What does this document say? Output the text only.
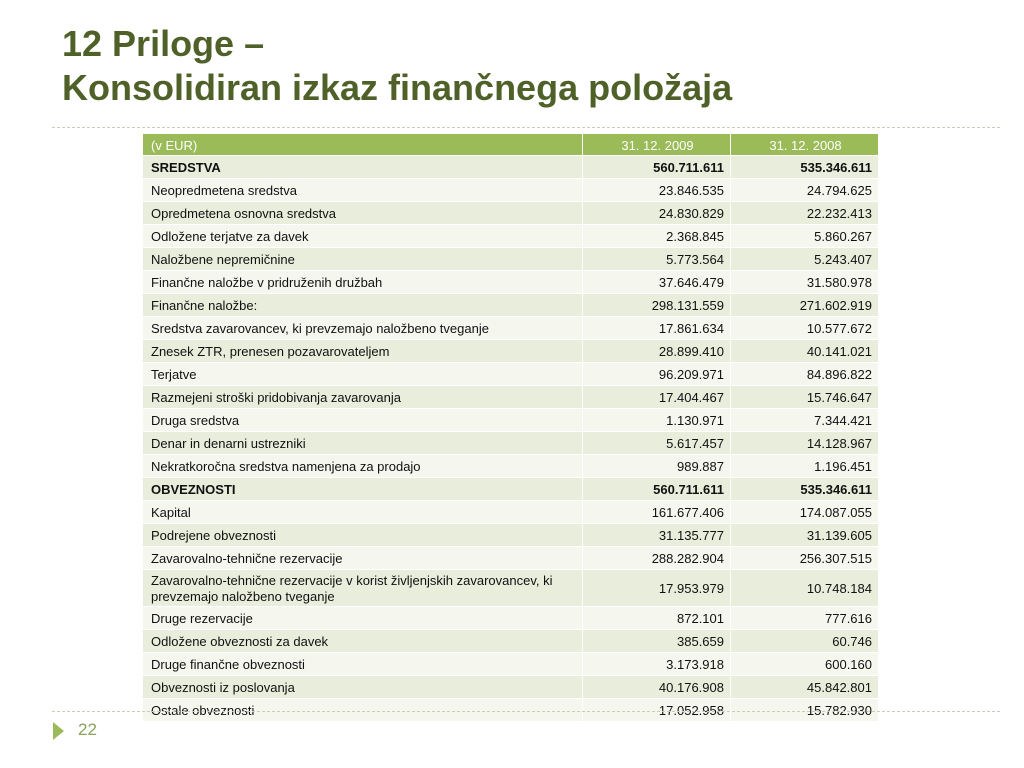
12 Priloge –
Konsolidiran izkaz finančnega položaja
(v EUR)	31. 12. 2009	31. 12. 2008
SREDSTVA	560.711.611	535.346.611
Neopredmetena sredstva	23.846.535	24.794.625
Opredmetena osnovna sredstva	24.830.829	22.232.413
Odložene terjatve za davek	2.368.845	5.860.267
Naložbene nepremičnine	5.773.564	5.243.407
Finančne naložbe v pridruženih družbah	37.646.479	31.580.978
Finančne naložbe:	298.131.559	271.602.919
Sredstva zavarovancev, ki prevzemajo naložbeno tveganje	17.861.634	10.577.672
Znesek ZTR, prenesen pozavarovateljem	28.899.410	40.141.021
Terjatve	96.209.971	84.896.822
Razmejeni stroški pridobivanja zavarovanja	17.404.467	15.746.647
Druga sredstva	1.130.971	7.344.421
Denar in denarni ustrezniki	5.617.457	14.128.967
Nekratkoročna sredstva namenjena za prodajo	989.887	1.196.451
OBVEZNOSTI	560.711.611	535.346.611
Kapital	161.677.406	174.087.055
Podrejene obveznosti	31.135.777	31.139.605
Zavarovalno-tehnične rezervacije	288.282.904	256.307.515
Zavarovalno-tehnične rezervacije v korist življenjskih zavarovancev, ki prevzemajo naložbeno tveganje	17.953.979	10.748.184
Druge rezervacije	872.101	777.616
Odložene obveznosti za davek	385.659	60.746
Druge finančne obveznosti	3.173.918	600.160
Obveznosti iz poslovanja	40.176.908	45.842.801
Ostale obveznosti	17.052.958	15.782.930
22
